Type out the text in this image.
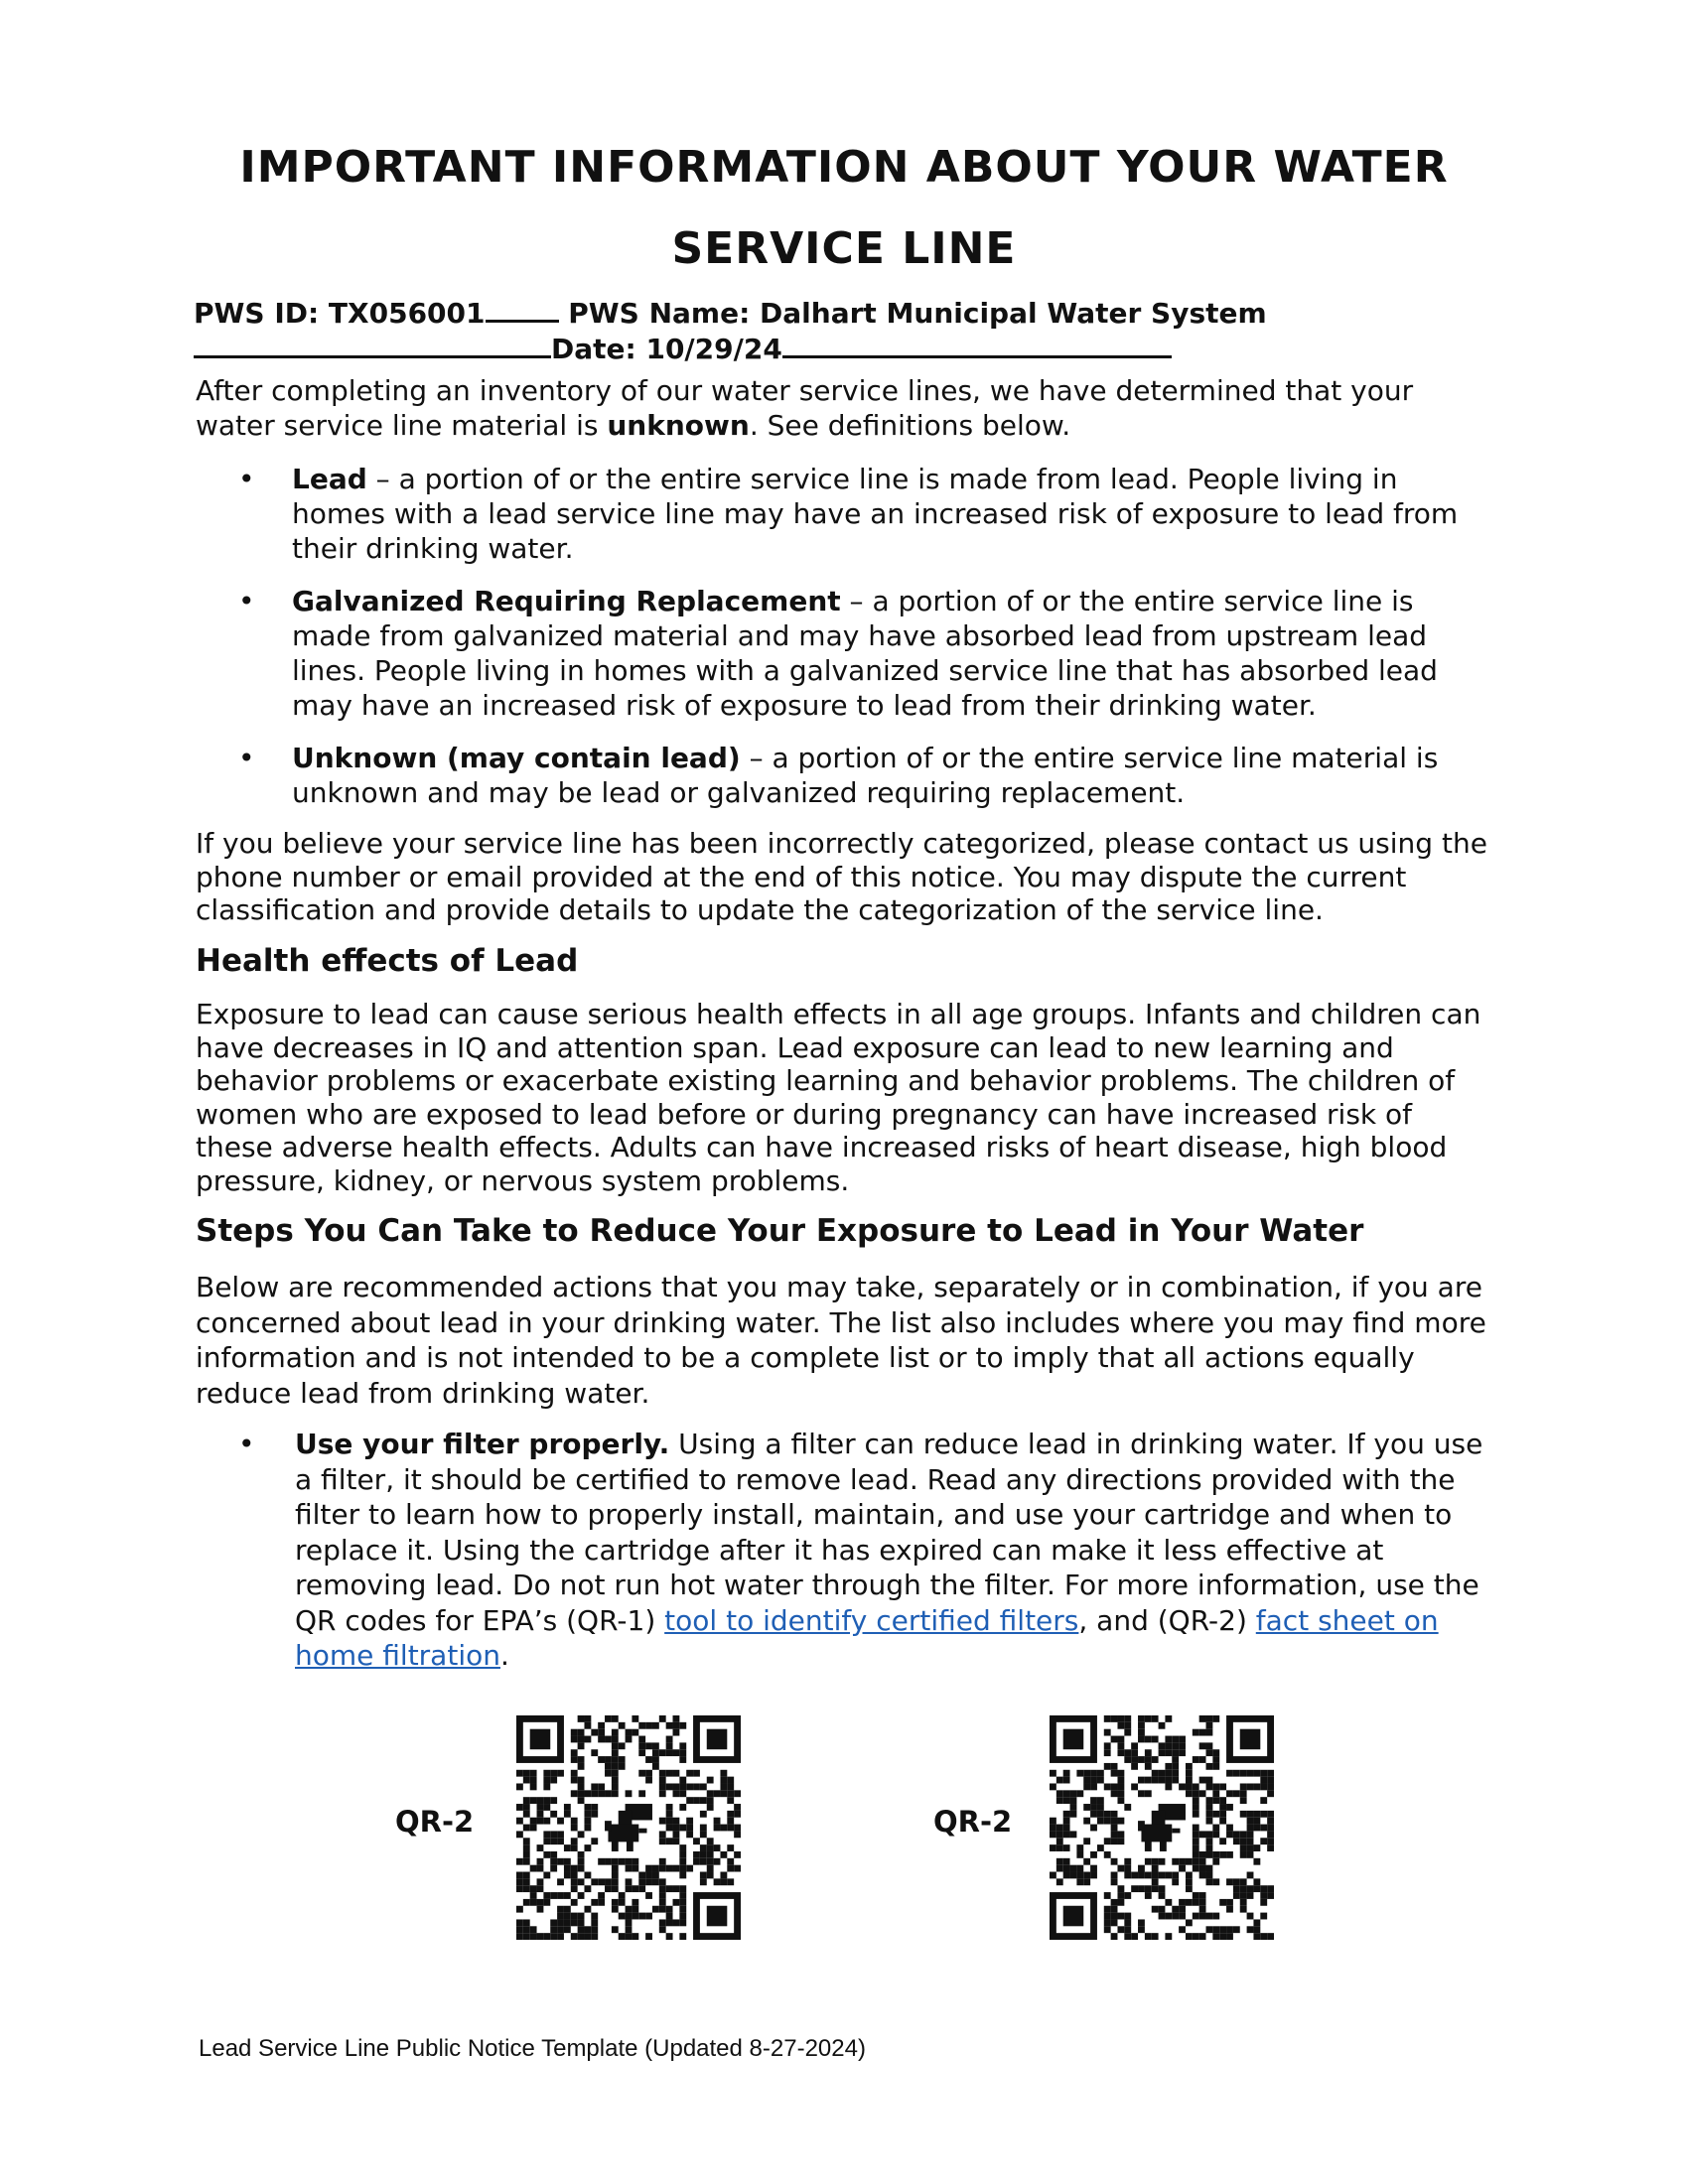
IMPORTANT INFORMATION ABOUT YOUR WATER
SERVICE LINE
PWS ID: TX056001	PWS Name: Dalhart Municipal Water System
Date: 10/29/24

After completing an inventory of our water service lines, we have determined that your water service line material is unknown. See definitions below.

•	Lead – a portion of or the entire service line is made from lead. People living in homes with a lead service line may have an increased risk of exposure to lead from their drinking water.
•	Galvanized Requiring Replacement – a portion of or the entire service line is made from galvanized material and may have absorbed lead from upstream lead lines. People living in homes with a galvanized service line that has absorbed lead may have an increased risk of exposure to lead from their drinking water.
•	Unknown (may contain lead) – a portion of or the entire service line material is unknown and may be lead or galvanized requiring replacement.

If you believe your service line has been incorrectly categorized, please contact us using the phone number or email provided at the end of this notice. You may dispute the current classification and provide details to update the categorization of the service line.

Health effects of Lead

Exposure to lead can cause serious health effects in all age groups. Infants and children can have decreases in IQ and attention span. Lead exposure can lead to new learning and behavior problems or exacerbate existing learning and behavior problems. The children of women who are exposed to lead before or during pregnancy can have increased risk of these adverse health effects. Adults can have increased risks of heart disease, high blood pressure, kidney, or nervous system problems.

Steps You Can Take to Reduce Your Exposure to Lead in Your Water

Below are recommended actions that you may take, separately or in combination, if you are concerned about lead in your drinking water. The list also includes where you may find more information and is not intended to be a complete list or to imply that all actions equally reduce lead from drinking water.

•	Use your filter properly. Using a filter can reduce lead in drinking water. If you use a filter, it should be certified to remove lead. Read any directions provided with the filter to learn how to properly install, maintain, and use your cartridge and when to replace it. Using the cartridge after it has expired can make it less effective at removing lead. Do not run hot water through the filter. For more information, use the QR codes for EPA’s (QR-1) tool to identify certified filters, and (QR-2) fact sheet on home filtration.
QR-2	QR-2
Lead Service Line Public Notice Template (Updated 8-27-2024)
